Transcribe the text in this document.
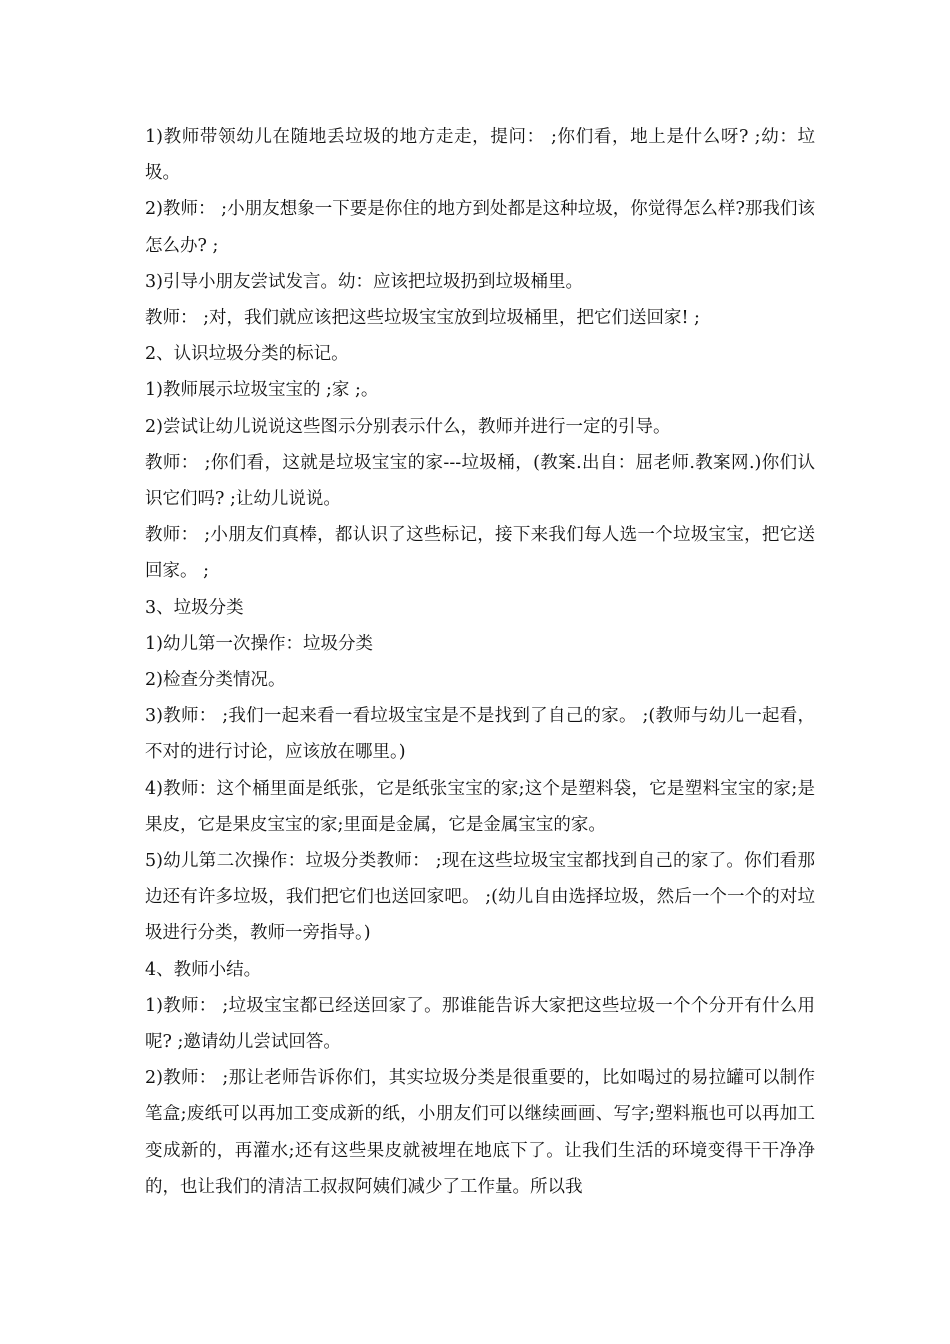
1)教师带领幼儿在随地丢垃圾的地方走走，提问： ;你们看，地上是什么呀? ;幼：垃圾。

2)教师： ;小朋友想象一下要是你住的地方到处都是这种垃圾，你觉得怎么样?那我们该怎么办? ;

3)引导小朋友尝试发言。幼：应该把垃圾扔到垃圾桶里。

教师： ;对，我们就应该把这些垃圾宝宝放到垃圾桶里，把它们送回家! ;

2、认识垃圾分类的标记。

1)教师展示垃圾宝宝的 ;家 ;。

2)尝试让幼儿说说这些图示分别表示什么，教师并进行一定的引导。

教师： ;你们看，这就是垃圾宝宝的家---垃圾桶，(教案.出自：屈老师.教案网.)你们认识它们吗? ;让幼儿说说。

教师： ;小朋友们真棒，都认识了这些标记，接下来我们每人选一个垃圾宝宝，把它送回家。 ;

3、垃圾分类

1)幼儿第一次操作：垃圾分类

2)检查分类情况。

3)教师： ;我们一起来看一看垃圾宝宝是不是找到了自己的家。 ;(教师与幼儿一起看，不对的进行讨论，应该放在哪里。)

4)教师：这个桶里面是纸张，它是纸张宝宝的家;这个是塑料袋，它是塑料宝宝的家;是果皮，它是果皮宝宝的家;里面是金属，它是金属宝宝的家。

5)幼儿第二次操作：垃圾分类教师： ;现在这些垃圾宝宝都找到自己的家了。你们看那边还有许多垃圾，我们把它们也送回家吧。 ;(幼儿自由选择垃圾，然后一个一个的对垃圾进行分类，教师一旁指导。)

4、教师小结。

1)教师： ;垃圾宝宝都已经送回家了。那谁能告诉大家把这些垃圾一个个分开有什么用呢? ;邀请幼儿尝试回答。

2)教师： ;那让老师告诉你们，其实垃圾分类是很重要的，比如喝过的易拉罐可以制作笔盒;废纸可以再加工变成新的纸，小朋友们可以继续画画、写字;塑料瓶也可以再加工变成新的，再灌水;还有这些果皮就被埋在地底下了。让我们生活的环境变得干干净净的，也让我们的清洁工叔叔阿姨们减少了工作量。所以我
